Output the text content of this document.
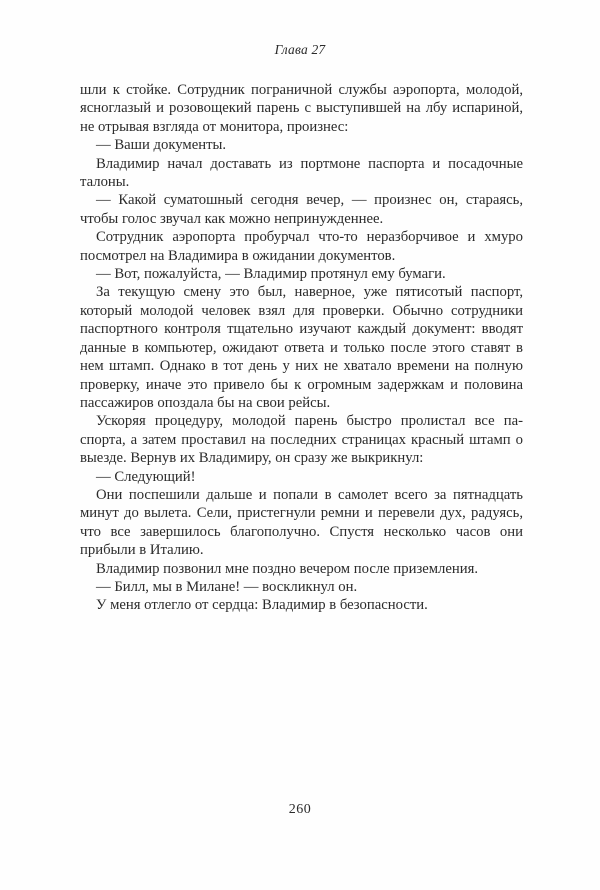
Глава 27

шли к стойке. Сотрудник пограничной службы аэропорта, молодой, ясноглазый и розовощекий парень с выступившей на лбу испариной, не отрывая взгляда от монитора, произнес:

— Ваши документы.

Владимир начал доставать из портмоне паспорта и посадочные талоны.

— Какой суматошный сегодня вечер, — произнес он, стараясь, чтобы голос звучал как можно непринужденнее.

Сотрудник аэропорта пробурчал что-то неразборчивое и хмуро посмотрел на Владимира в ожидании документов.

— Вот, пожалуйста, — Владимир протянул ему бумаги.

За текущую смену это был, наверное, уже пятисотый паспорт, который молодой человек взял для проверки. Обычно сотрудники паспортного контроля тщательно изучают каждый документ: вводят данные в компьютер, ожидают ответа и только после этого ставят в нем штамп. Однако в тот день у них не хватало времени на полную проверку, иначе это привело бы к огромным задержкам и половина пассажиров опоздала бы на свои рейсы.

Ускоряя процедуру, молодой парень быстро пролистал все паспорта, а затем проставил на последних страницах красный штамп о выезде. Вернув их Владимиру, он сразу же выкрикнул:

— Следующий!

Они поспешили дальше и попали в самолет всего за пятнадцать минут до вылета. Сели, пристегнули ремни и перевели дух, радуясь, что все завершилось благополучно. Спустя несколько часов они прибыли в Италию.

Владимир позвонил мне поздно вечером после приземления.

— Билл, мы в Милане! — воскликнул он.

У меня отлегло от сердца: Владимир в безопасности.

260
